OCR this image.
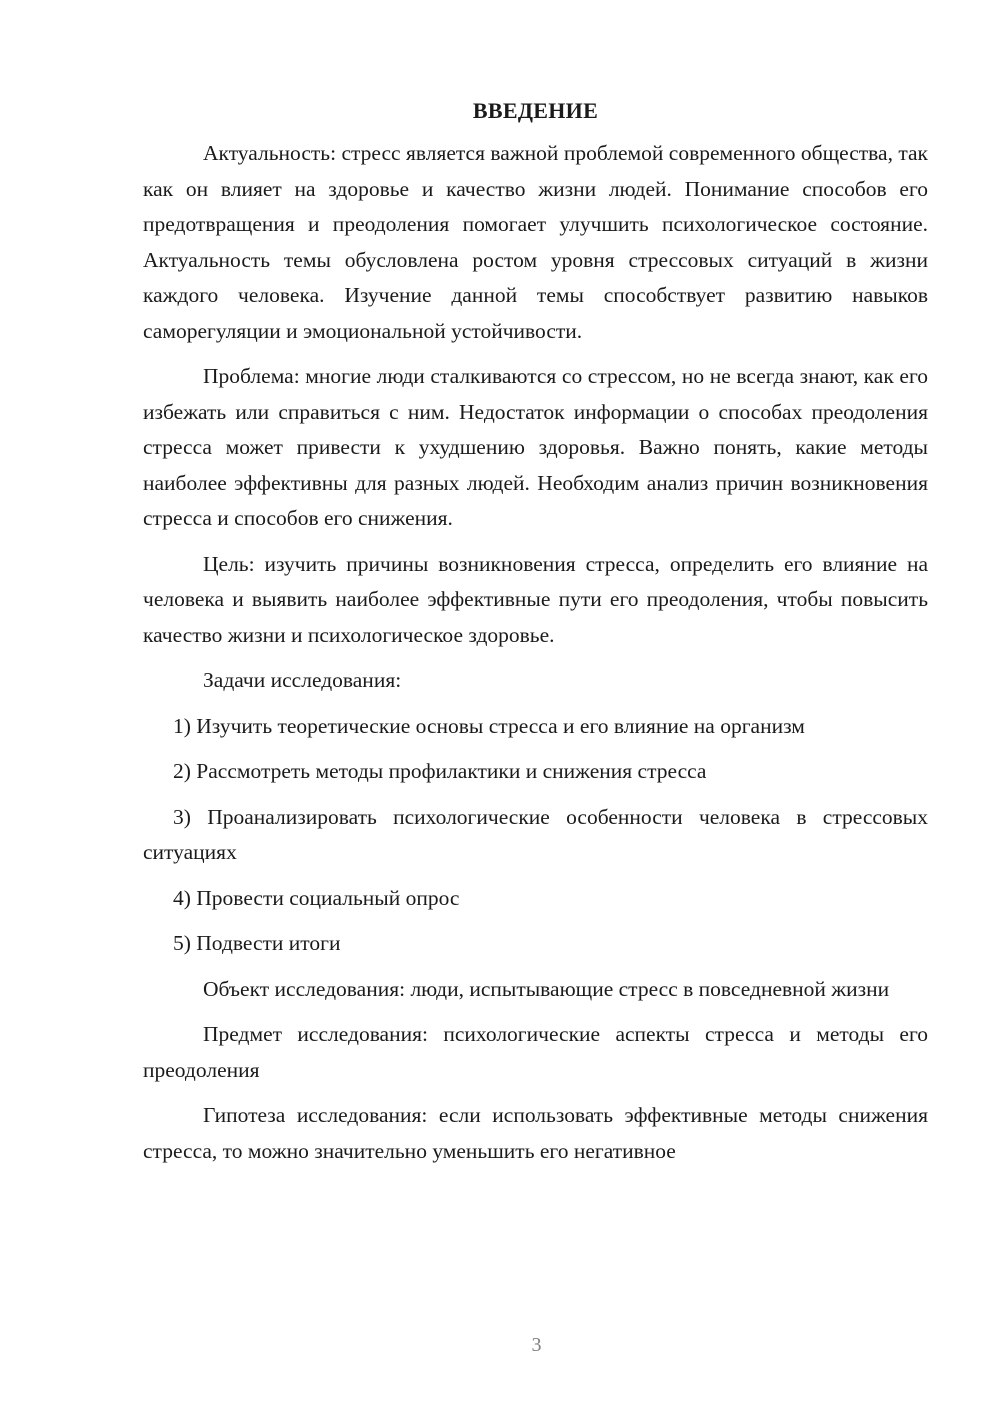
ВВЕДЕНИЕ

Актуальность: стресс является важной проблемой современного общества, так как он влияет на здоровье и качество жизни людей. Понимание способов его предотвращения и преодоления помогает улучшить психологическое состояние. Актуальность темы обусловлена ростом уровня стрессовых ситуаций в жизни каждого человека. Изучение данной темы способствует развитию навыков саморегуляции и эмоциональной устойчивости.

Проблема: многие люди сталкиваются со стрессом, но не всегда знают, как его избежать или справиться с ним. Недостаток информации о способах преодоления стресса может привести к ухудшению здоровья. Важно понять, какие методы наиболее эффективны для разных людей. Необходим анализ причин возникновения стресса и способов его снижения.

Цель: изучить причины возникновения стресса, определить его влияние на человека и выявить наиболее эффективные пути его преодоления, чтобы повысить качество жизни и психологическое здоровье.

Задачи исследования:

1) Изучить теоретические основы стресса и его влияние на организм

2) Рассмотреть методы профилактики и снижения стресса

3) Проанализировать психологические особенности человека в стрессовых ситуациях

4) Провести социальный опрос

5) Подвести итоги

Объект исследования: люди, испытывающие стресс в повседневной жизни

Предмет исследования: психологические аспекты стресса и методы его преодоления

Гипотеза исследования: если использовать эффективные методы снижения стресса, то можно значительно уменьшить его негативное

3
